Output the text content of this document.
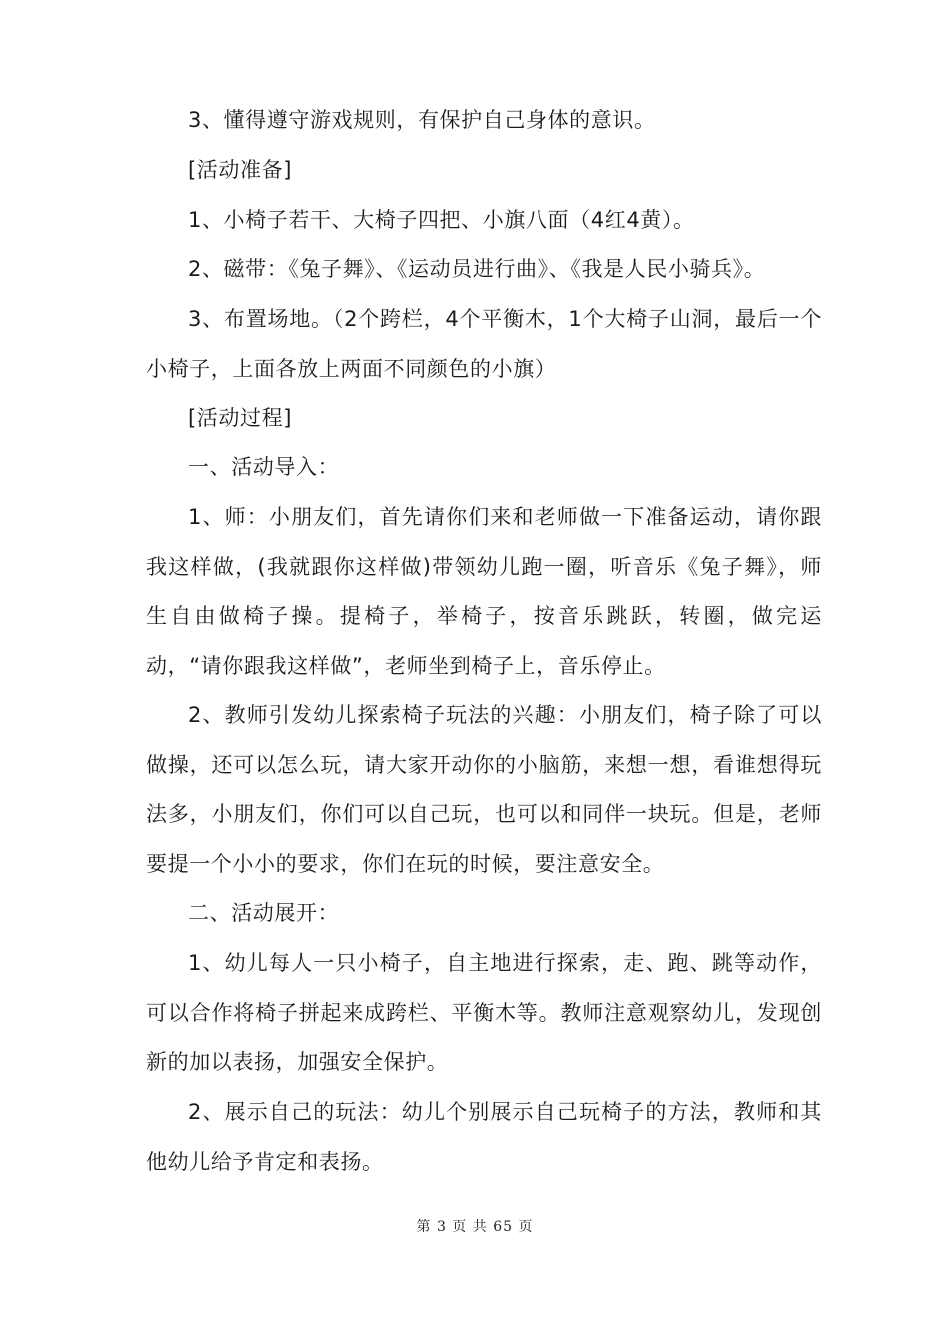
3、懂得遵守游戏规则，有保护自己身体的意识。

[活动准备]

1、小椅子若干、大椅子四把、小旗八面（4红4黄）。

2、磁带：《兔子舞》、《运动员进行曲》、《我是人民小骑兵》。

3、布置场地。（2个跨栏，4个平衡木，1个大椅子山洞，最后一个小椅子，上面各放上两面不同颜色的小旗）

[活动过程]

一、活动导入：

1、师：小朋友们，首先请你们来和老师做一下准备运动，请你跟我这样做，(我就跟你这样做)带领幼儿跑一圈，听音乐《兔子舞》，师生自由做椅子操。提椅子，举椅子，按音乐跳跃，转圈，做完运动，“请你跟我这样做”，老师坐到椅子上，音乐停止。

2、教师引发幼儿探索椅子玩法的兴趣：小朋友们，椅子除了可以做操，还可以怎么玩，请大家开动你的小脑筋，来想一想，看谁想得玩法多，小朋友们，你们可以自己玩，也可以和同伴一块玩。但是，老师要提一个小小的要求，你们在玩的时候，要注意安全。

二、活动展开：

1、幼儿每人一只小椅子，自主地进行探索，走、跑、跳等动作，可以合作将椅子拼起来成跨栏、平衡木等。教师注意观察幼儿，发现创新的加以表扬，加强安全保护。

2、展示自己的玩法：幼儿个别展示自己玩椅子的方法，教师和其他幼儿给予肯定和表扬。

第 3 页 共 65 页
